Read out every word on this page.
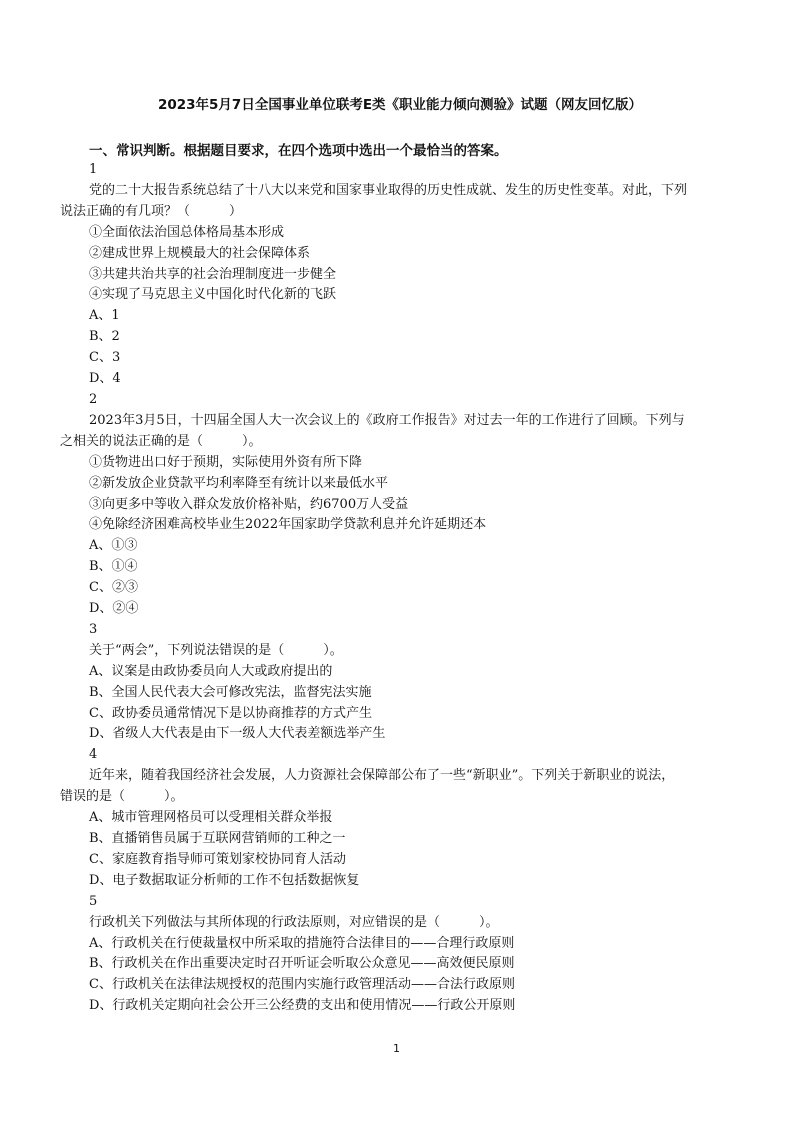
2023年5月7日全国事业单位联考E类《职业能力倾向测验》试题（网友回忆版）
一、常识判断。根据题目要求，在四个选项中选出一个最恰当的答案。
1
党的二十大报告系统总结了十八大以来党和国家事业取得的历史性成就、发生的历史性变革。对此，下列
说法正确的有几项？（　　　）
①全面依法治国总体格局基本形成
②建成世界上规模最大的社会保障体系
③共建共治共享的社会治理制度进一步健全
④实现了马克思主义中国化时代化新的飞跃
A、1
B、2
C、3
D、4
2
2023年3月5日，十四届全国人大一次会议上的《政府工作报告》对过去一年的工作进行了回顾。下列与
之相关的说法正确的是（　　　）。
①货物进出口好于预期，实际使用外资有所下降
②新发放企业贷款平均利率降至有统计以来最低水平
③向更多中等收入群众发放价格补贴，约6700万人受益
④免除经济困难高校毕业生2022年国家助学贷款利息并允许延期还本
A、①③
B、①④
C、②③
D、②④
3
关于“两会”，下列说法错误的是（　　　）。
A、议案是由政协委员向人大或政府提出的
B、全国人民代表大会可修改宪法，监督宪法实施
C、政协委员通常情况下是以协商推荐的方式产生
D、省级人大代表是由下一级人大代表差额选举产生
4
近年来，随着我国经济社会发展，人力资源社会保障部公布了一些“新职业”。下列关于新职业的说法，
错误的是（　　　）。
A、城市管理网格员可以受理相关群众举报
B、直播销售员属于互联网营销师的工种之一
C、家庭教育指导师可策划家校协同育人活动
D、电子数据取证分析师的工作不包括数据恢复
5
行政机关下列做法与其所体现的行政法原则，对应错误的是（　　　）。
A、行政机关在行使裁量权中所采取的措施符合法律目的——合理行政原则
B、行政机关在作出重要决定时召开听证会听取公众意见——高效便民原则
C、行政机关在法律法规授权的范围内实施行政管理活动——合法行政原则
D、行政机关定期向社会公开三公经费的支出和使用情况——行政公开原则
1
